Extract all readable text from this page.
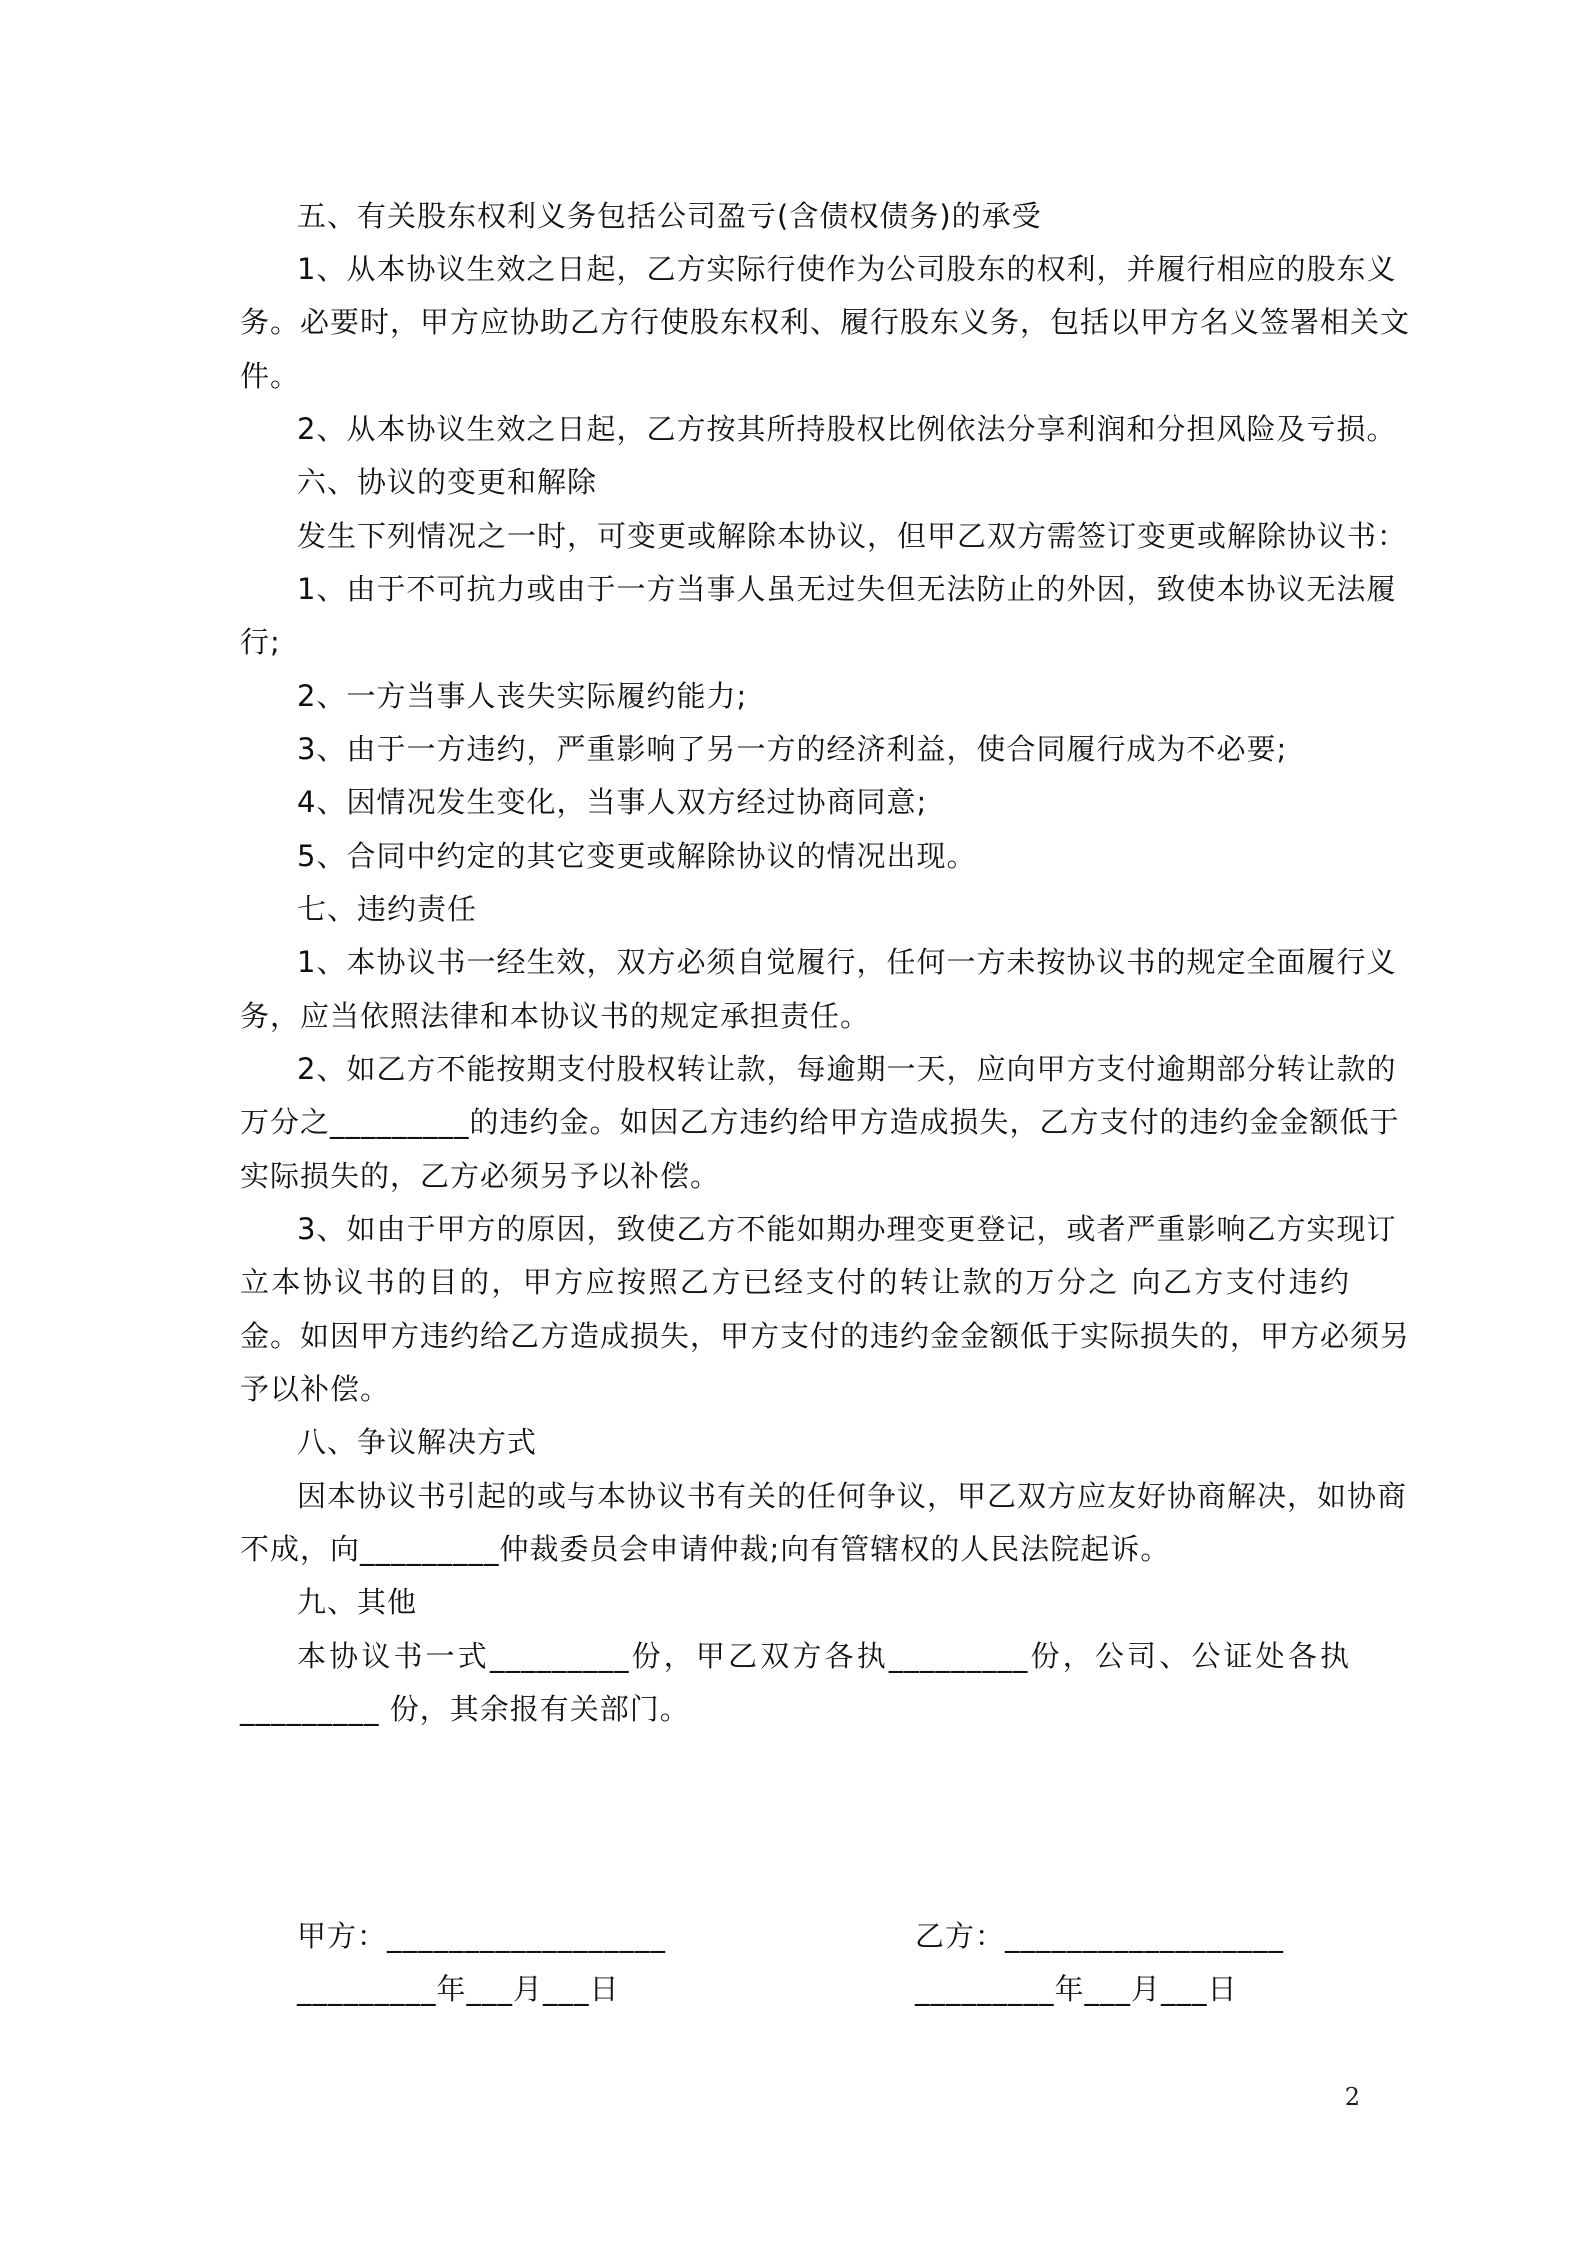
五、有关股东权利义务包括公司盈亏(含债权债务)的承受
1、从本协议生效之日起，乙方实际行使作为公司股东的权利，并履行相应的股东义
务。必要时，甲方应协助乙方行使股东权利、履行股东义务，包括以甲方名义签署相关文
件。
2、从本协议生效之日起，乙方按其所持股权比例依法分享利润和分担风险及亏损。
六、协议的变更和解除
发生下列情况之一时，可变更或解除本协议，但甲乙双方需签订变更或解除协议书：
1、由于不可抗力或由于一方当事人虽无过失但无法防止的外因，致使本协议无法履
行;
2、一方当事人丧失实际履约能力;
3、由于一方违约，严重影响了另一方的经济利益，使合同履行成为不必要;
4、因情况发生变化，当事人双方经过协商同意;
5、合同中约定的其它变更或解除协议的情况出现。
七、违约责任
1、本协议书一经生效，双方必须自觉履行，任何一方未按协议书的规定全面履行义
务，应当依照法律和本协议书的规定承担责任。
2、如乙方不能按期支付股权转让款，每逾期一天，应向甲方支付逾期部分转让款的
万分之_________的违约金。如因乙方违约给甲方造成损失，乙方支付的违约金金额低于
实际损失的，乙方必须另予以补偿。
3、如由于甲方的原因，致使乙方不能如期办理变更登记，或者严重影响乙方实现订
立本协议书的目的，甲方应按照乙方已经支付的转让款的万分之 向乙方支付违约
金。如因甲方违约给乙方造成损失，甲方支付的违约金金额低于实际损失的，甲方必须另
予以补偿。
八、争议解决方式
因本协议书引起的或与本协议书有关的任何争议，甲乙双方应友好协商解决，如协商
不成，向_________仲裁委员会申请仲裁;向有管辖权的人民法院起诉。
九、其他
本协议书一式_________份，甲乙双方各执_________份，公司、公证处各执
_________ 份，其余报有关部门。
甲方：__________________
_________年___月___日
乙方：__________________
_________年___月___日
2
